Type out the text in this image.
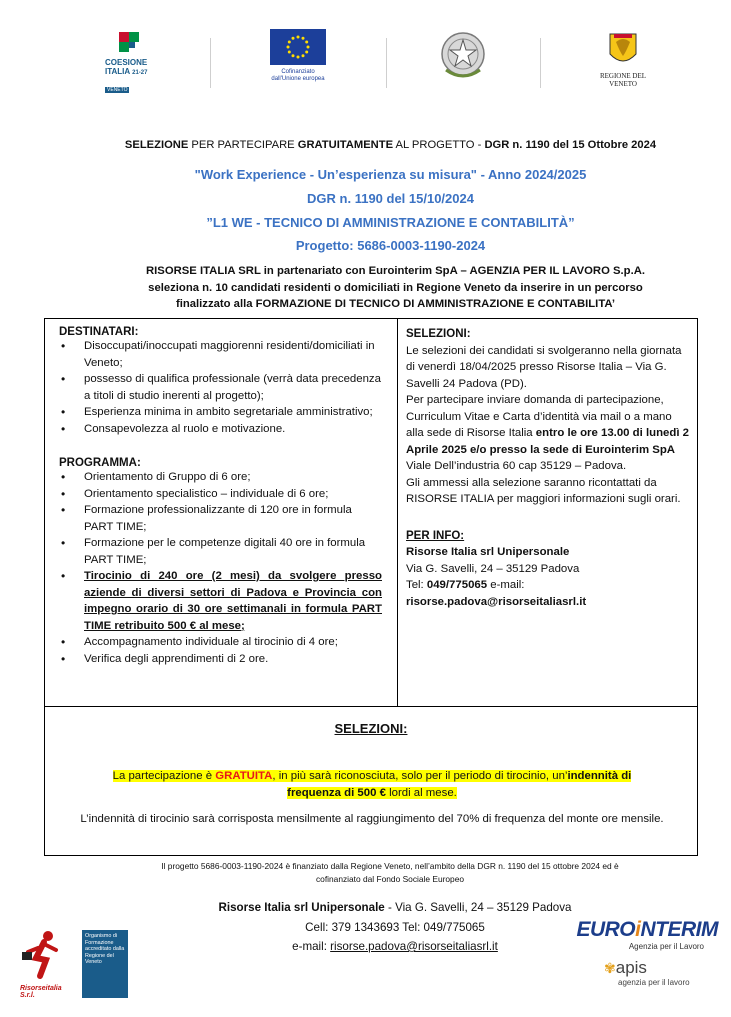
COESIONE
ITALIA 21-27
VENETO
Cofinanziato
dall'Unione europea	REGIONE DEL VENETO
SELEZIONE PER PARTECIPARE GRATUITAMENTE AL PROGETTO - DGR n. 1190 del 15 Ottobre 2024
"Work Experience - Un’esperienza su misura" - Anno 2024/2025
DGR n. 1190 del 15/10/2024
”L1 WE - TECNICO DI AMMINISTRAZIONE E CONTABILITÀ”
Progetto: 5686-0003-1190-2024
RISORSE ITALIA SRL in partenariato con Eurointerim SpA – AGENZIA PER IL LAVORO S.p.A.
seleziona n. 10 candidati residenti o domiciliati in Regione Veneto da inserire in un percorso
finalizzato alla FORMAZIONE DI TECNICO DI AMMINISTRAZIONE E CONTABILITA’
DESTINATARI:
• Disoccupati/inoccupati maggiorenni residenti/domiciliati in Veneto;
• possesso di qualifica professionale (verrà data precedenza a titoli di studio inerenti al progetto);
• Esperienza minima in ambito segretariale amministrativo;
• Consapevolezza al ruolo e motivazione.
PROGRAMMA:
• Orientamento di Gruppo di 6 ore;
• Orientamento specialistico – individuale di 6 ore;
• Formazione professionalizzante di 120 ore in formula PART TIME;
• Formazione per le competenze digitali 40 ore in formula PART TIME;
• Tirocinio di 240 ore (2 mesi) da svolgere presso aziende di diversi settori di Padova e Provincia con impegno orario di 30 ore settimanali in formula PART TIME retribuito 500 € al mese;
• Accompagnamento individuale al tirocinio di 4 ore;
• Verifica degli apprendimenti di 2 ore.
SELEZIONI:
Le selezioni dei candidati si svolgeranno nella giornata di venerdì 18/04/2025 presso Risorse Italia – Via G. Savelli 24 Padova (PD).
Per partecipare inviare domanda di partecipazione, Curriculum Vitae e Carta d’identità via mail o a mano alla sede di Risorse Italia entro le ore 13.00 di lunedì 2 Aprile 2025 e/o presso la sede di Eurointerim SpA Viale Dell’industria 60 cap 35129 – Padova.
Gli ammessi alla selezione saranno ricontattati da RISORSE ITALIA per maggiori informazioni sugli orari.
PER INFO:
Risorse Italia srl Unipersonale
Via G. Savelli, 24 – 35129 Padova
Tel: 049/775065 e-mail:
risorse.padova@risorseitaliasrl.it
SELEZIONI:
La partecipazione è GRATUITA, in più sarà riconosciuta, solo per il periodo di tirocinio, un’indennità di
frequenza di 500 € lordi al mese.
L’indennità di tirocinio sarà corrisposta mensilmente al raggiungimento del 70% di frequenza del monte ore mensile.
Il progetto 5686-0003-1190-2024 è finanziato dalla Regione Veneto, nell’ambito della DGR n. 1190 del 15 ottobre 2024 ed è
cofinanziato dal Fondo Sociale Europeo
Risorse Italia srl Unipersonale - Via G. Savelli, 24 – 35129 Padova
Cell: 379 1343693 Tel: 049/775065
e-mail: risorse.padova@risorseitaliasrl.it
Risorseitalia S.r.l.
Organismo di Formazione accreditato dalla Regione del Veneto
EUROiNTERIM
Agenzia per il Lavoro
✾apis
agenzia per il lavoro
